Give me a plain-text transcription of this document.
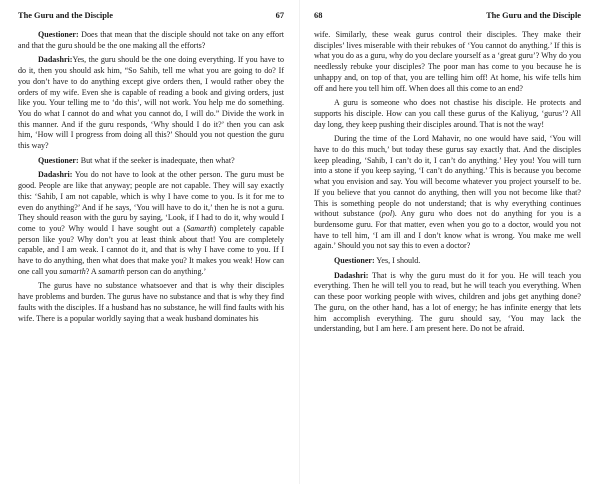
The Guru and the Disciple	67

Questioner: Does that mean that the disciple should not take on any effort and that the guru should be the one making all the efforts?

Dadashri:Yes, the guru should be the one doing everything. If you have to do it, then you should ask him, “So Sahib, tell me what you are going to do? If you don’t have to do anything except give orders then, I would rather obey the orders of my wife. Even she is capable of reading a book and giving orders, just like you. Your telling me to ‘do this’, will not work. You help me do something. You do what I cannot do and what you cannot do, I will do.” Divide the work in this manner. And if the guru responds, ‘Why should I do it?’ then you can ask him, ‘How will I progress from doing all this?’ Should you not question the guru this way?

Questioner: But what if the seeker is inadequate, then what?

Dadashri: You do not have to look at the other person. The guru must be good. People are like that anyway; people are not capable. They will say exactly this: ‘Sahib, I am not capable, which is why I have come to you. Is it for me to even do anything?’ And if he says, ‘You will have to do it,’ then he is not a guru. They should reason with the guru by saying, ‘Look, if I had to do it, why would I come to you? Why would I have sought out a (Samarth) completely capable person like you? Why don’t you at least think about that! You are completely capable, and I am weak. I cannot do it, and that is why I have come to you. If I have to do anything, then what does that make you? It makes you weak! How can one call you samarth? A samarth person can do anything.’

The gurus have no substance whatsoever and that is why their disciples have problems and burden. The gurus have no substance and that is why they find faults with the disciples. If a husband has no substance, he will find faults with his wife. There is a popular worldly saying that a weak husband dominates his

68	The Guru and the Disciple

wife. Similarly, these weak gurus control their disciples. They make their disciples’ lives miserable with their rebukes of ‘You cannot do anything.’ If this is what you do as a guru, why do you declare yourself as a ‘great guru’? Why do you needlessly rebuke your disciples? The poor man has come to you because he is unhappy and, on top of that, you are telling him off! At home, his wife tells him off and here you tell him off. When does all this come to an end?

A guru is someone who does not chastise his disciple. He protects and supports his disciple. How can you call these gurus of the Kaliyug, ‘gurus’? All day long, they keep pushing their disciples around. That is not the way!

During the time of the Lord Mahavir, no one would have said, ‘You will have to do this much,’ but today these gurus say exactly that. And the disciples keep pleading, ‘Sahib, I can’t do it, I can’t do anything.’ Hey you! You will turn into a stone if you keep saying, ‘I can’t do anything.’ This is because you become what you envision and say. You will become whatever you project yourself to be. If you believe that you cannot do anything, then will you not become like that? This is something people do not understand; that is why everything continues without substance (pol). Any guru who does not do anything for you is a burdensome guru. For that matter, even when you go to a doctor, would you not have to tell him, ‘I am ill and I don’t know what is wrong. You make me well again.’ Should you not say this to even a doctor?

Questioner: Yes, I should.

Dadashri: That is why the guru must do it for you. He will teach you everything. Then he will tell you to read, but he will teach you everything. When can these poor working people with wives, children and jobs get anything done? The guru, on the other hand, has a lot of energy; he has infinite energy that lets him accomplish everything. The guru should say, ‘You may lack the understanding, but I am here. I am present here. Do not be afraid.
